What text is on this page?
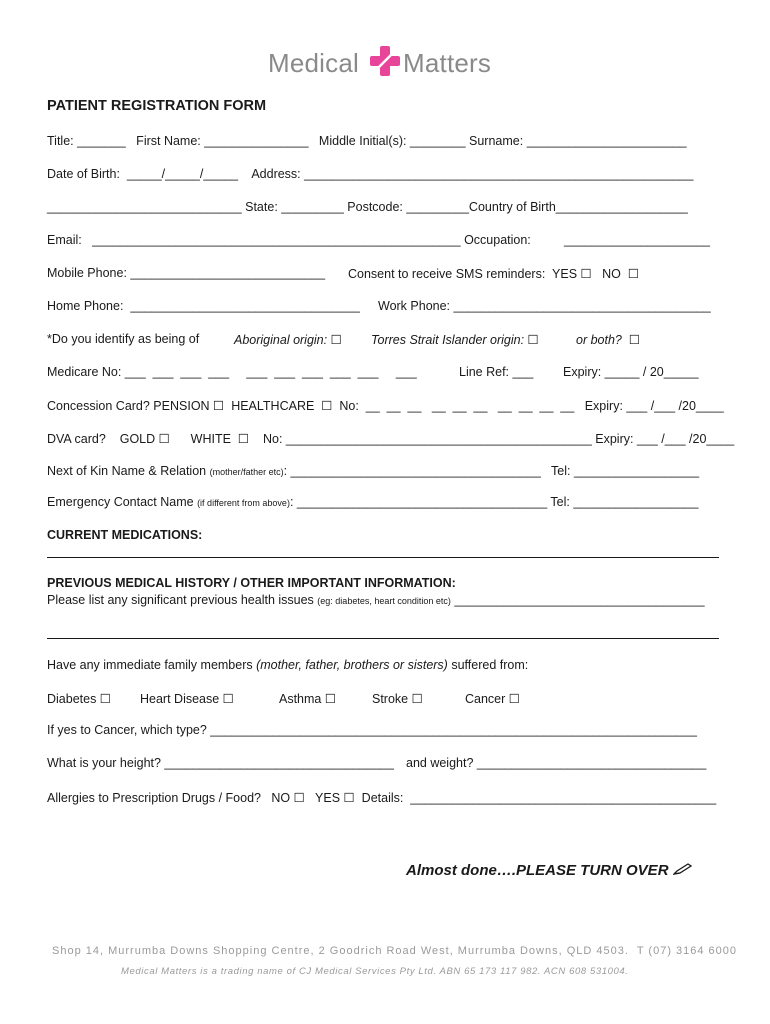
Medical Matters
PATIENT REGISTRATION FORM
Title: _______   First Name: _______________   Middle Initial(s): ________ Surname: _______________________
Date of Birth:  _____/_____/_____    Address: ________________________________________________________
____________________________ State: _________ Postcode: _________Country of Birth___________________
Email:   _____________________________________________________ Occupation:	_____________________
Mobile Phone: ____________________________ Consent to receive SMS reminders:  YES ☐   NO  ☐
Home Phone:  _________________________________ Work Phone: _____________________________________
*Do you identify as being of	Aboriginal origin: ☐ Torres Strait Islander origin: ☐	or both?  ☐
Medicare No: ___  ___  ___  ___     ___  ___  ___  ___  ___     ___	Line Ref: ___ Expiry: _____ / 20_____
Concession Card? PENSION ☐  HEALTHCARE  ☐  No:  __  __  __   __  __  __   __  __  __  __   Expiry: ___ /___ /20____
DVA card?    GOLD ☐      WHITE  ☐    No: ____________________________________________ Expiry: ___ /___ /20____
Next of Kin Name & Relation (mother/father etc): ____________________________________   Tel: __________________
Emergency Contact Name (if different from above): ____________________________________ Tel: __________________
CURRENT MEDICATIONS:
PREVIOUS MEDICAL HISTORY / OTHER IMPORTANT INFORMATION:
Please list any significant previous health issues (eg: diabetes, heart condition etc) ____________________________________
Have any immediate family members (mother, father, brothers or sisters) suffered from:
Diabetes ☐ Heart Disease ☐	Asthma ☐	Stroke ☐	Cancer ☐
If yes to Cancer, which type? ______________________________________________________________________
What is your height? _________________________________ and weight? _________________________________
Allergies to Prescription Drugs / Food?   NO ☐   YES ☐  Details:  ____________________________________________
Almost done….PLEASE TURN OVER
Shop 14, Murrumba Downs Shopping Centre, 2 Goodrich Road West, Murrumba Downs, QLD 4503.  T (07) 3164 6000
Medical Matters is a trading name of CJ Medical Services Pty Ltd. ABN 65 173 117 982. ACN 608 531004.
